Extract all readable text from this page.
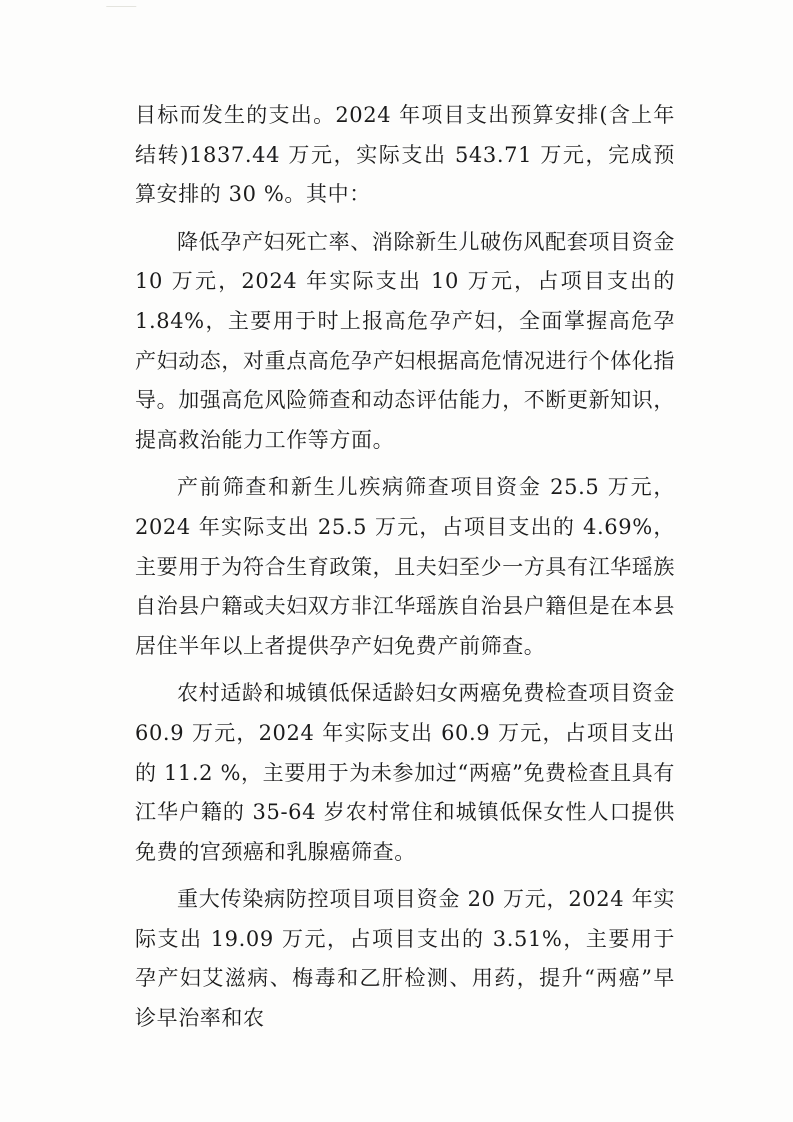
目标而发生的支出。2024 年项目支出预算安排(含上年结转)1837.44 万元，实际支出 543.71 万元，完成预算安排的 30 %。其中：

降低孕产妇死亡率、消除新生儿破伤风配套项目资金 10 万元，2024 年实际支出 10 万元，占项目支出的 1.84%，主要用于时上报高危孕产妇，全面掌握高危孕产妇动态，对重点高危孕产妇根据高危情况进行个体化指导。加强高危风险筛查和动态评估能力，不断更新知识，提高救治能力工作等方面。

产前筛查和新生儿疾病筛查项目资金 25.5 万元，2024 年实际支出 25.5 万元，占项目支出的 4.69%，主要用于为符合生育政策，且夫妇至少一方具有江华瑶族自治县户籍或夫妇双方非江华瑶族自治县户籍但是在本县居住半年以上者提供孕产妇免费产前筛查。

农村适龄和城镇低保适龄妇女两癌免费检查项目资金 60.9 万元，2024 年实际支出 60.9 万元，占项目支出的 11.2 %，主要用于为未参加过“两癌”免费检查且具有江华户籍的 35-64 岁农村常住和城镇低保女性人口提供免费的宫颈癌和乳腺癌筛查。

重大传染病防控项目项目资金 20 万元，2024 年实际支出 19.09 万元，占项目支出的 3.51%，主要用于孕产妇艾滋病、梅毒和乙肝检测、用药，提升“两癌”早诊早治率和农
